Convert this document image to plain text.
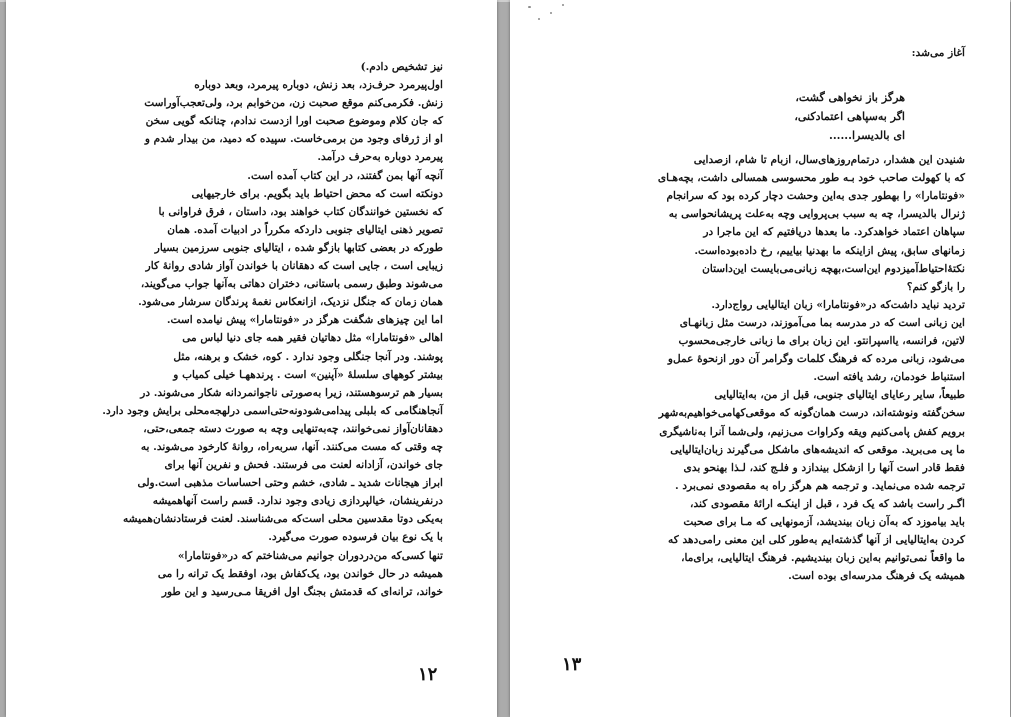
نیز تشخیص دادم.)

اول‌پیرمرد حرف‌زد، بعد زنش، دوباره پیرمرد، وبعد دوباره

زنش. فکرمی‌کنم موقع صحبت زن، من‌خوابم برد، ولی‌تعجب‌آوراست

که جان کلام وموضوع صحبت اورا ازدست ندادم، چنانکه گویی سخن

او از ژرفای وجود من برمی‌خاست. سپیده که دمید، من بیدار شدم و

پیرمرد دوباره به‌حرف درآمد.

آنچه آنها بمن گفتند، در این کتاب آمده است.

دونکته است که محض احتیاط باید بگویم. برای خارجیهایی

که نخستین خوانندگان کتاب خواهند بود، داستان ، فرق فراوانی با

تصویر ذهنی ایتالیای جنوبی دارد‌که مکرراً در ادبیات آمده. همان

طورکه در بعضی کتابها بازگو شده ، ایتالیای جنوبی سرزمین بسیار

زیبایی است ، جایی است که دهقانان با خواندن آواز شادی روانهٔ کار

می‌شوند وطبق رسمی باستانی، دختران دهاتی به‌آنها جواب می‌گویند،

همان زمان که جنگل نزدیک، ازانعکاس نغمهٔ پرندگان سرشار می‌شود.

اما این چیزهای شگفت هرگز در «فونتامارا» پیش نیامده است.

اهالی «فونتامارا» مثل دهاتیان فقیر همه جای دنیا لباس می‌

پوشند. ودر آنجا جنگلی وجود ندارد . کوه، خشک و برهنه، مثل

بیشتر کوههای سلسلهٔ «آپنین» است . پرندههـا خیلی کمیاب و

بسیار هم ترسوهستند، زیرا به‌صورتی نا‌جوانمردانه شکار می‌شوند. در

آنجاهنگامی که بلبلی پیدامی‌شودونه‌حتی‌اسمی درلهجه‌محلی برایش وجود دارد.

دهقانان‌آواز نمی‌خوانند، چه‌به‌تنهایی وچه به صورت دسته جمعی،حتی،

چه وقتی که مست می‌کنند. آنها، سربه‌راه، روانهٔ کارخود می‌شوند. به

جای خواندن، آزادانه لعنت می فرستند. فحش و نفرین آنها برای

ابراز هیجانات شدید ـ شادی، خشم وحتی احساسات مذهبی است.ولی

درنفرینشان، خیالپردازی زیادی وجود ندارد. قسم راست آنهاهمیشه

به‌یکی دوتا مقدسین محلی است‌که می‌شناسند. لعنت فرستادنشان‌همیشه

با یک نوع بیان فرسوده صورت می‌گیرد.

تنها کسی‌که من‌دردوران جوانیم می‌شناختم که در«فونتامارا»

همیشه در حال خواندن بود، یک‌کفاش بود، اوفقط یک ترانه را می‌

خواند، ترانه‌ای که قدمتش بجنگ اول افریقا مـی‌رسید و این طور

۱۲

آغاز می‌شد:

شنیدن این هشدار، درتمام‌روزهای‌سال، ازبام تا شام، ازصدایی

که با کهولت صاحب خود بـه طور محسوسی همسالی داشت، بچه‌هـای

«فونتامارا» را بهطور جدی به‌این وحشت دچار کرده بود که سرانجام

ژنرال بالدیسرا، چه به سبب بی‌پروایی وچه به‌علت پریشانحواسی به

سپاهان اعتماد خواهدکرد. ما بعدها دریافتیم که این ماجرا در

زمانهای سابق، پیش ازاینکه ما بهدنیا بیاییم، رخ داده‌بوده‌است.

نکتهٔ‌احتیاط‌آمیزدوم این‌است،بهچه زبانی‌می‌بایست این‌داستان

را بازگو کنم؟

تردید نباید داشت‌که در«فونتامارا» زبان ایتالیایی رواج‌دارد.

این زبانی است که در مدرسه بما می‌آموزند، درست مثل زبانهـای

لاتین، فرانسه، یا‌اسپرانتو. این زبان برای ما زبانی خارجی‌محسوب

می‌شود، زبانی مرده که فرهنگ کلمات وگرامر آن دور ازنحوهٔ عمل‌و

استنباط خودمان، رشد یافته است.

طبیعاً، سایر رعایای ایتالیای جنوبی، قبل از من، به‌ایتالیایی

سخن‌گفته ونوشته‌اند، درست همان‌گونه که موقعی‌کهامی‌خواهیم‌به‌شهر

برویم کفش پامی‌کنیم ویقه وکراوات می‌زنیم، ولی‌شما آنرا به‌ناشیگری

ما پی می‌برید. موقعی که اندیشه‌های ماشکل می‌گیرند زبان‌ایتالیایی

فقط قادر است آنها را ازشکل بیندازد و فلـج کند، لـذا بهنحو بدی

ترجمه شده می‌نماید. و ترجمه هم هرگز راه به مقصودی نمی‌برد .

اگـر راست باشد که یک فرد ، قبل از اینکـه ارائهٔ مقصودی کند،

باید بیاموزد که به‌آن زبان بیندیشد، آزمونهایی که مـا برای صحبت

کردن به‌ایتالیایی از آنها گذشته‌ایم به‌طور کلی این معنی را‌می‌دهد که

ما واقعاً نمی‌توانیم به‌این زبان بیندیشیم. فرهنگ ایتالیایی، برای‌ما،

همیشه یک فرهنگ مدرسه‌ای بوده است.

هرگز باز نخواهی گشت،
اگر به‌سپاهی اعتمادکنی،
ای بالدیسرا......
۱۳
